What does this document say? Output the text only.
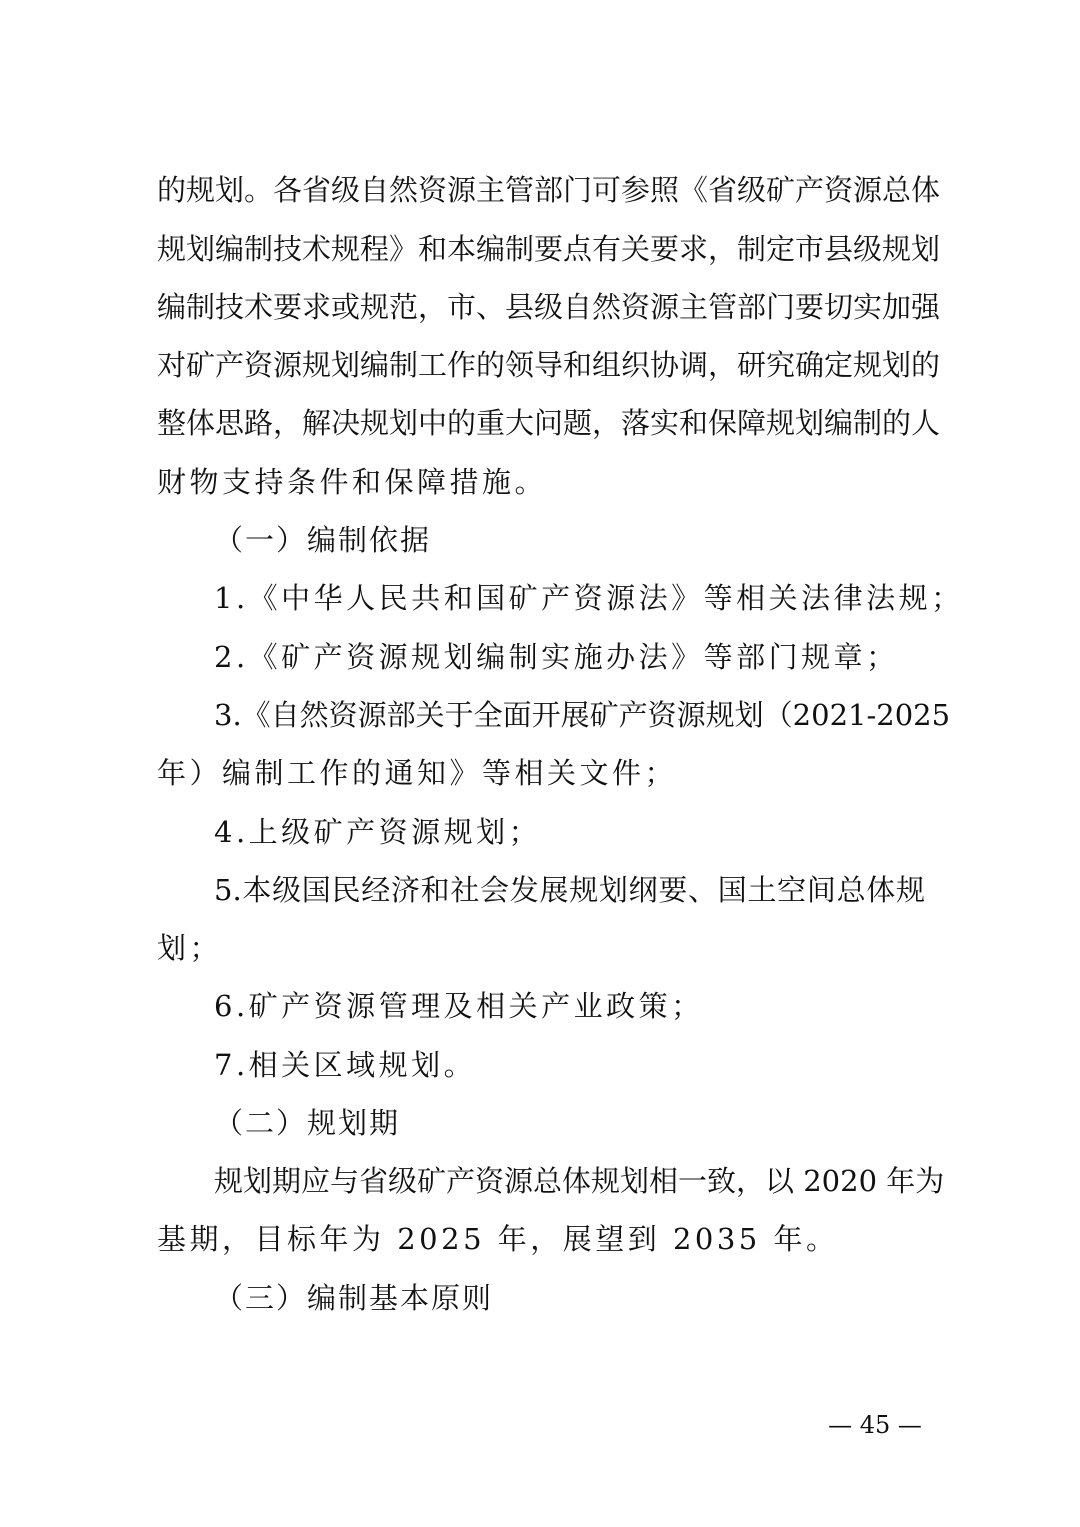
的规划。各省级自然资源主管部门可参照《省级矿产资源总体
规划编制技术规程》和本编制要点有关要求，制定市县级规划
编制技术要求或规范，市、县级自然资源主管部门要切实加强
对矿产资源规划编制工作的领导和组织协调，研究确定规划的
整体思路，解决规划中的重大问题，落实和保障规划编制的人
财物支持条件和保障措施。
（一）编制依据
1.《中华人民共和国矿产资源法》等相关法律法规；
2.《矿产资源规划编制实施办法》等部门规章；
3.《自然资源部关于全面开展矿产资源规划（2021-2025
年）编制工作的通知》等相关文件；
4.上级矿产资源规划；
5.本级国民经济和社会发展规划纲要、国土空间总体规
划；
6.矿产资源管理及相关产业政策；
7.相关区域规划。
（二）规划期
规划期应与省级矿产资源总体规划相一致，以 2020 年为
基期，目标年为 2025 年，展望到 2035 年。
（三）编制基本原则
— 45 —
